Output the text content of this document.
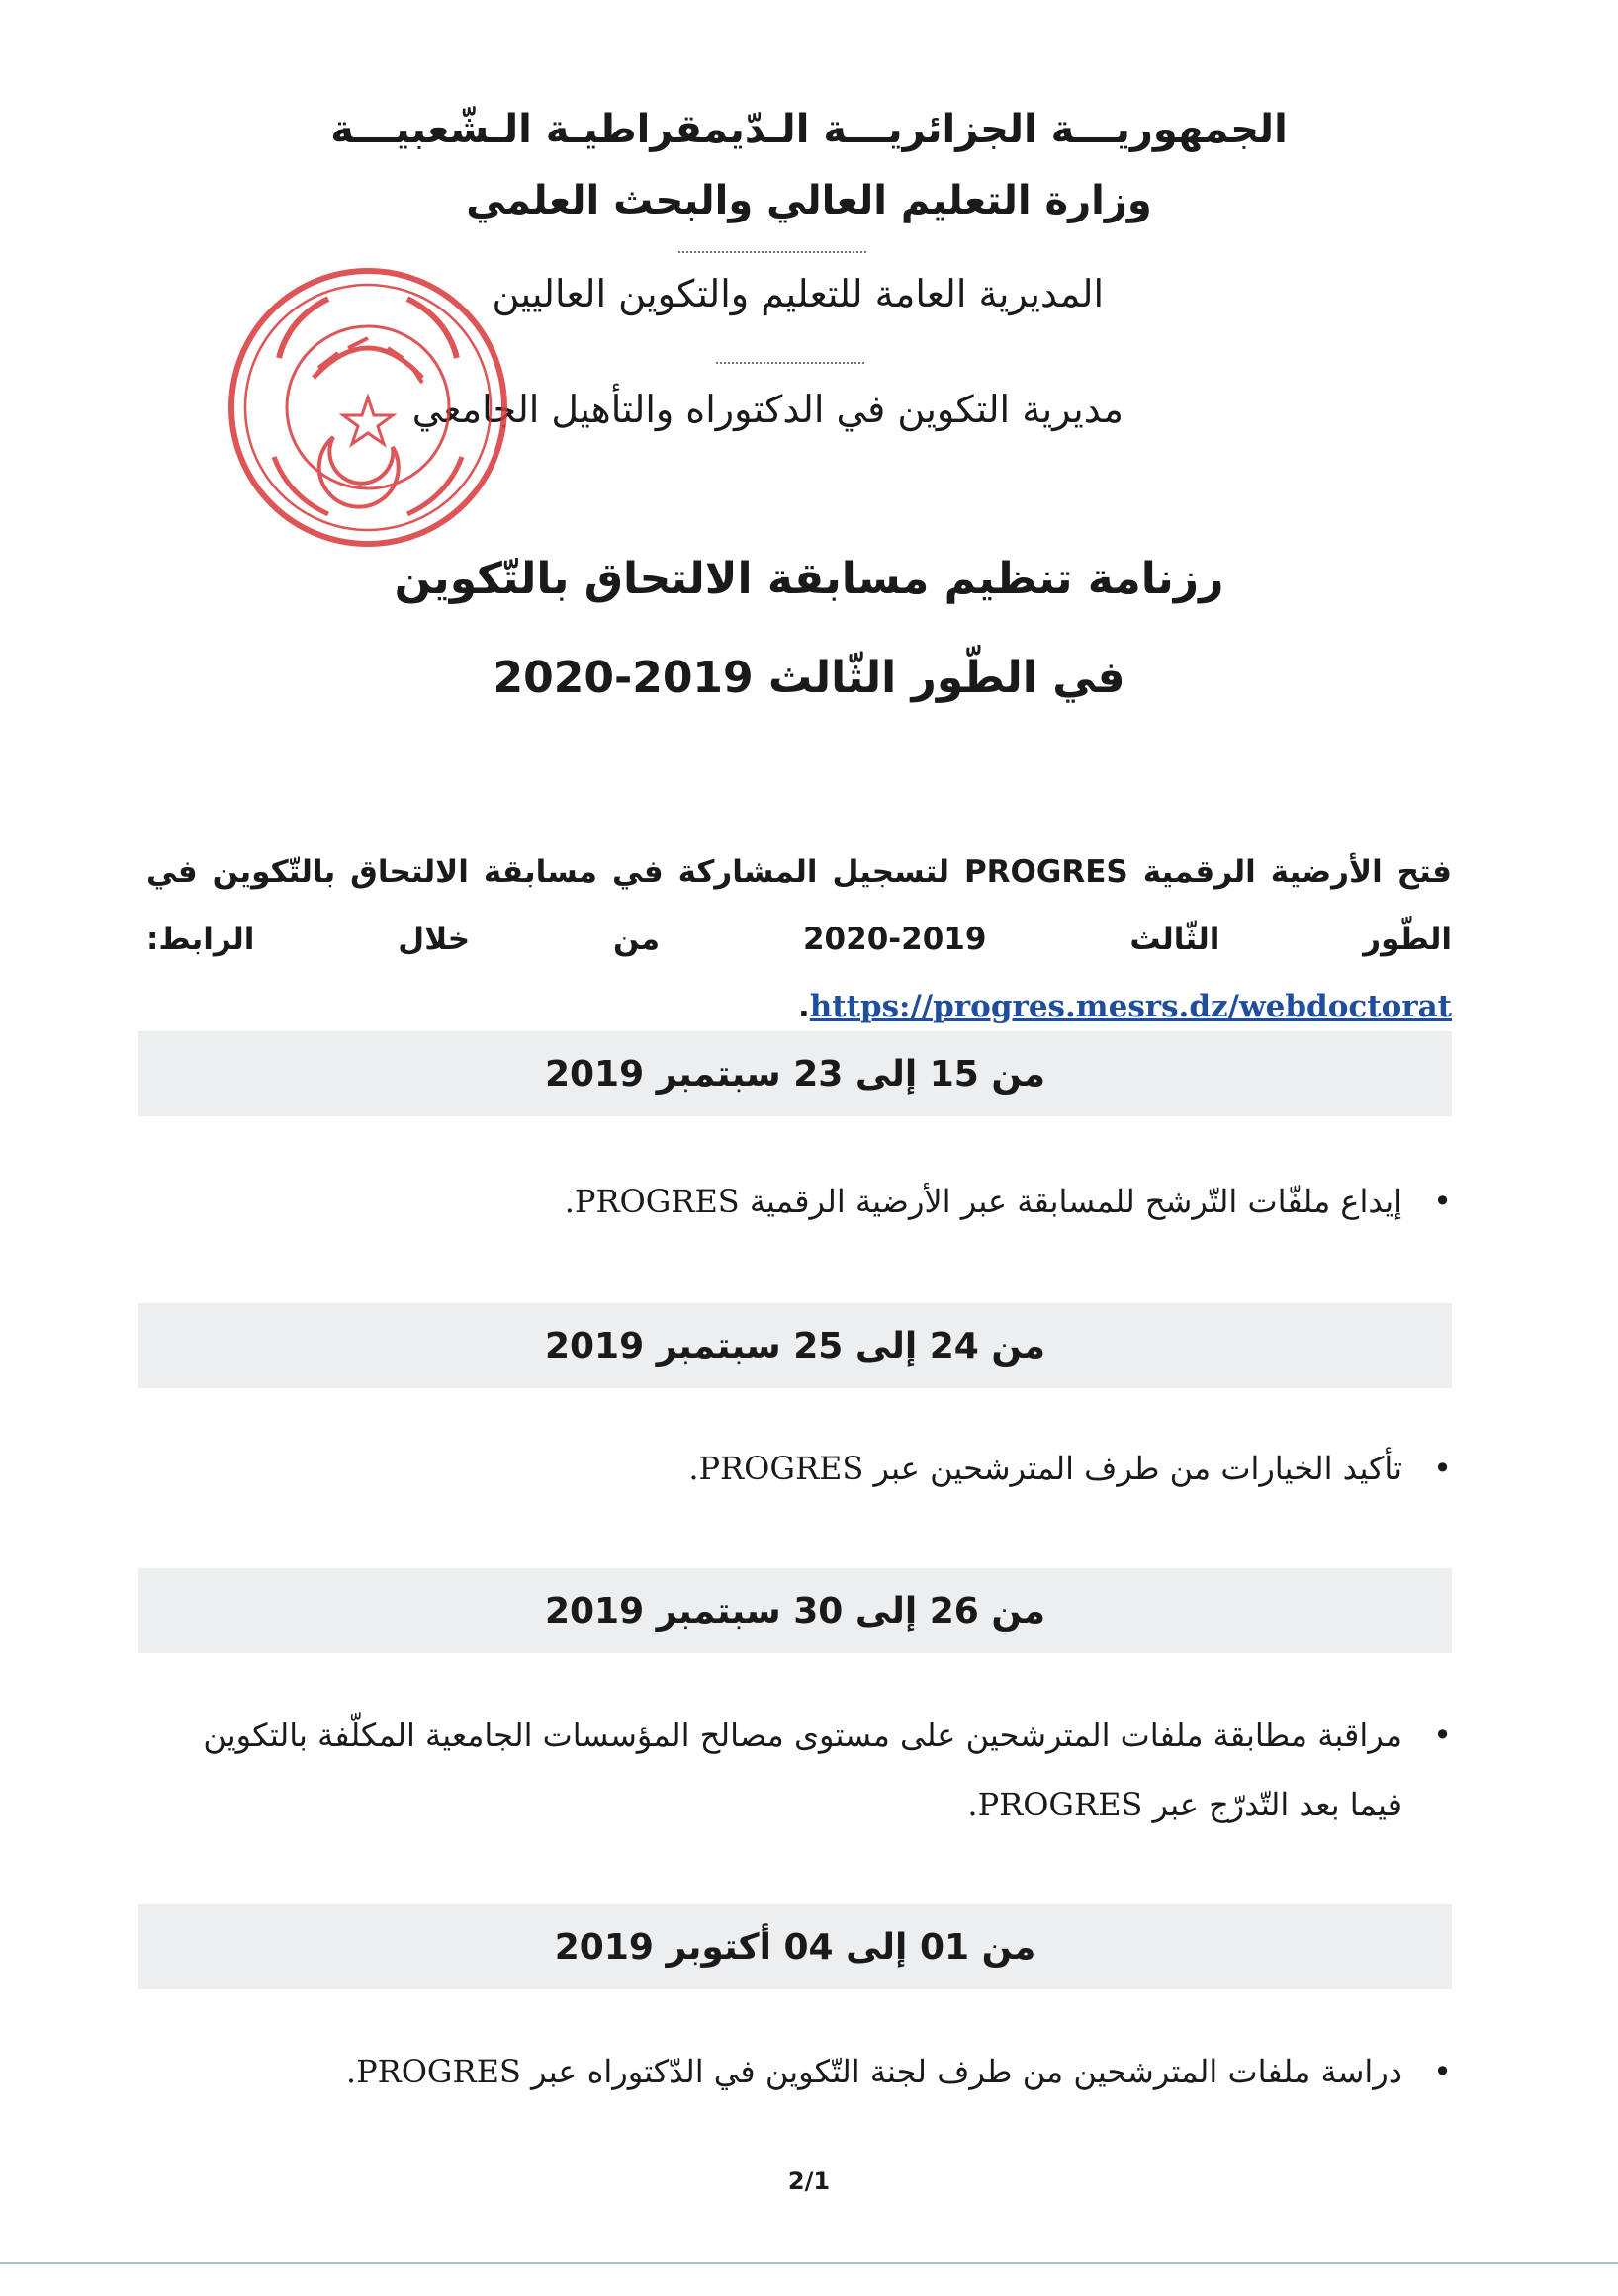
الجمهوريـــة الجزائريـــة الـدّيمقراطيـة الـشّعبيـــة

وزارة التعليم العالي والبحث العلمي

المديرية العامة للتعليم والتكوين العاليين
مديرية التكوين في الدكتوراه والتأهيل الجامعي

رزنامة تنظيم مسابقة الالتحاق بالتّكوين

في الطّور الثّالث 2019-2020

فتح الأرضية الرقمية PROGRES لتسجيل المشاركة في مسابقة الالتحاق بالتّكوين في الطّور الثّالث 2019-2020 من خلال الرابط: https://progres.mesrs.dz/webdoctorat.

من 15 إلى 23 سبتمبر 2019

• إيداع ملفّات التّرشح للمسابقة عبر الأرضية الرقمية PROGRES.

من 24 إلى 25 سبتمبر 2019

• تأكيد الخيارات من طرف المترشحين عبر PROGRES.

من 26 إلى 30 سبتمبر 2019

• مراقبة مطابقة ملفات المترشحين على مستوى مصالح المؤسسات الجامعية المكلّفة بالتكوين فيما بعد التّدرّج عبر PROGRES.

من 01 إلى 04 أكتوبر 2019

• دراسة ملفات المترشحين من طرف لجنة التّكوين في الدّكتوراه عبر PROGRES.

2/1
